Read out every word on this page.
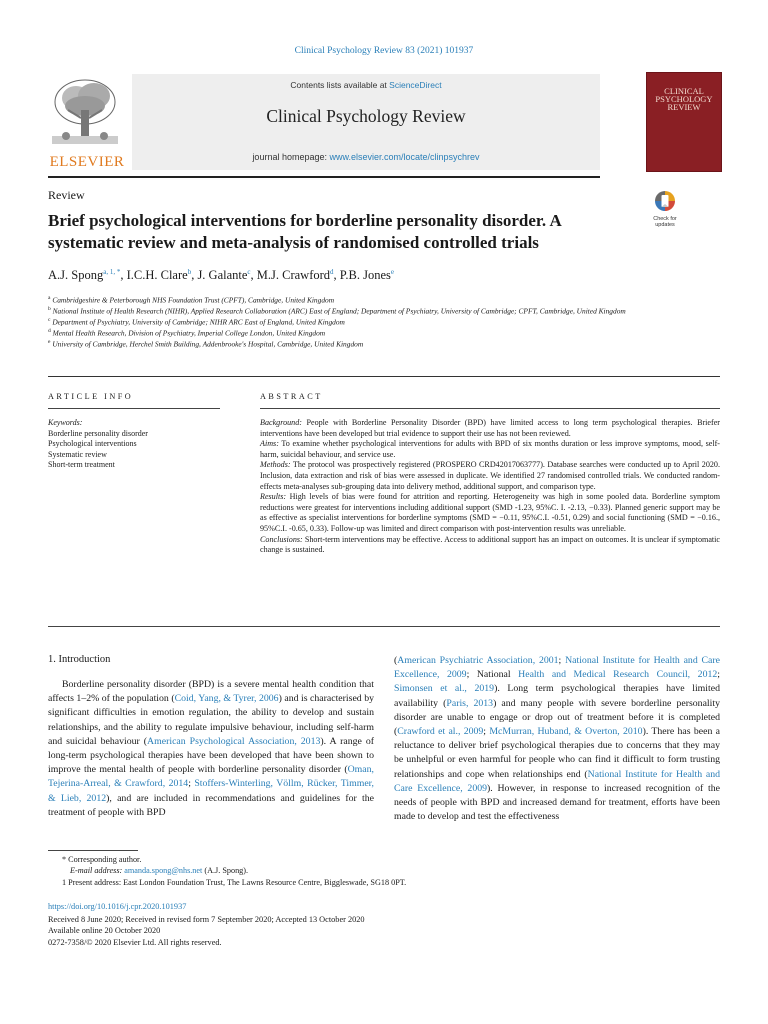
Clinical Psychology Review 83 (2021) 101937
ELSEVIER
Contents lists available at ScienceDirect
Clinical Psychology Review
journal homepage: www.elsevier.com/locate/clinpsychrev
CLINICAL PSYCHOLOGY REVIEW
Review
Brief psychological interventions for borderline personality disorder. A systematic review and meta-analysis of randomised controlled trials
Check for updates
A.J. Spong$^{a, 1, *}$, I.C.H. Clare$^b$, J. Galante$^c$, M.J. Crawford$^d$, P.B. Jones$^e$
$^a$ Cambridgeshire & Peterborough NHS Foundation Trust (CPFT), Cambridge, United Kingdom
$^b$ National Institute of Health Research (NIHR), Applied Research Collaboration (ARC) East of England; Department of Psychiatry, University of Cambridge; CPFT, Cambridge, United Kingdom
$^c$ Department of Psychiatry, University of Cambridge; NIHR ARC East of England, United Kingdom
$^d$ Mental Health Research, Division of Psychiatry, Imperial College London, United Kingdom
$^e$ University of Cambridge, Herchel Smith Building, Addenbrooke's Hospital, Cambridge, United Kingdom
ARTICLE INFO
Keywords:
Borderline personality disorder
Psychological interventions
Systematic review
Short-term treatment
ABSTRACT

Background: People with Borderline Personality Disorder (BPD) have limited access to long term psychological therapies. Briefer interventions have been developed but trial evidence to support their use has not been reviewed.

Aims: To examine whether psychological interventions for adults with BPD of six months duration or less improve symptoms, mood, self-harm, suicidal behaviour, and service use.

Methods: The protocol was prospectively registered (PROSPERO CRD42017063777). Database searches were conducted up to April 2020. Inclusion, data extraction and risk of bias were assessed in duplicate. We identified 27 randomised controlled trials. We conducted random-effects meta-analyses sub-grouping data into delivery method, additional support, and comparison type.

Results: High levels of bias were found for attrition and reporting. Heterogeneity was high in some pooled data. Borderline symptom reductions were greatest for interventions including additional support (SMD -1.23, 95%C. I. -2.13, −0.33). Planned generic support may be as effective as specialist interventions for borderline symptoms (SMD = −0.11, 95%C.I. -0.51, 0.29) and social functioning (SMD = −0.16., 95%C.I. -0.65, 0.33). Follow-up was limited and direct comparison with post-intervention results was unreliable.

Conclusions: Short-term interventions may be effective. Access to additional support has an impact on outcomes. It is unclear if symptomatic change is sustained.

1. Introduction

Borderline personality disorder (BPD) is a severe mental health condition that affects 1–2% of the population (Coid, Yang, & Tyrer, 2006) and is characterised by significant difficulties in emotion regulation, the ability to develop and sustain relationships, and the ability to regulate impulsive behaviour, including self-harm and suicidal behaviour (American Psychological Association, 2013). A range of long-term psychological therapies have been developed that have been shown to improve the mental health of people with borderline personality disorder (Oman, Tejerina-Arreal, & Crawford, 2014; Stoffers-Winterling, Völlm, Rücker, Timmer, & Lieb, 2012), and are included in recommendations and guidelines for the treatment of people with BPD

(American Psychiatric Association, 2001; National Institute for Health and Care Excellence, 2009; National Health and Medical Research Council, 2012; Simonsen et al., 2019). Long term psychological therapies have limited availability (Paris, 2013) and many people with severe borderline personality disorder are unable to engage or drop out of treatment before it is completed (Crawford et al., 2009; McMurran, Huband, & Overton, 2010). There has been a reluctance to deliver brief psychological therapies due to concerns that they may be unhelpful or even harmful for people who can find it difficult to form trusting relationships and cope when relationships end (National Institute for Health and Care Excellence, 2009). However, in response to increased recognition of the needs of people with BPD and increased demand for treatment, efforts have been made to develop and test the effectiveness

* Corresponding author.
E-mail address: amanda.spong@nhs.net (A.J. Spong).
1 Present address: East London Foundation Trust, The Lawns Resource Centre, Biggleswade, SG18 0PT.
https://doi.org/10.1016/j.cpr.2020.101937
Received 8 June 2020; Received in revised form 7 September 2020; Accepted 13 October 2020
Available online 20 October 2020
0272-7358/© 2020 Elsevier Ltd. All rights reserved.
